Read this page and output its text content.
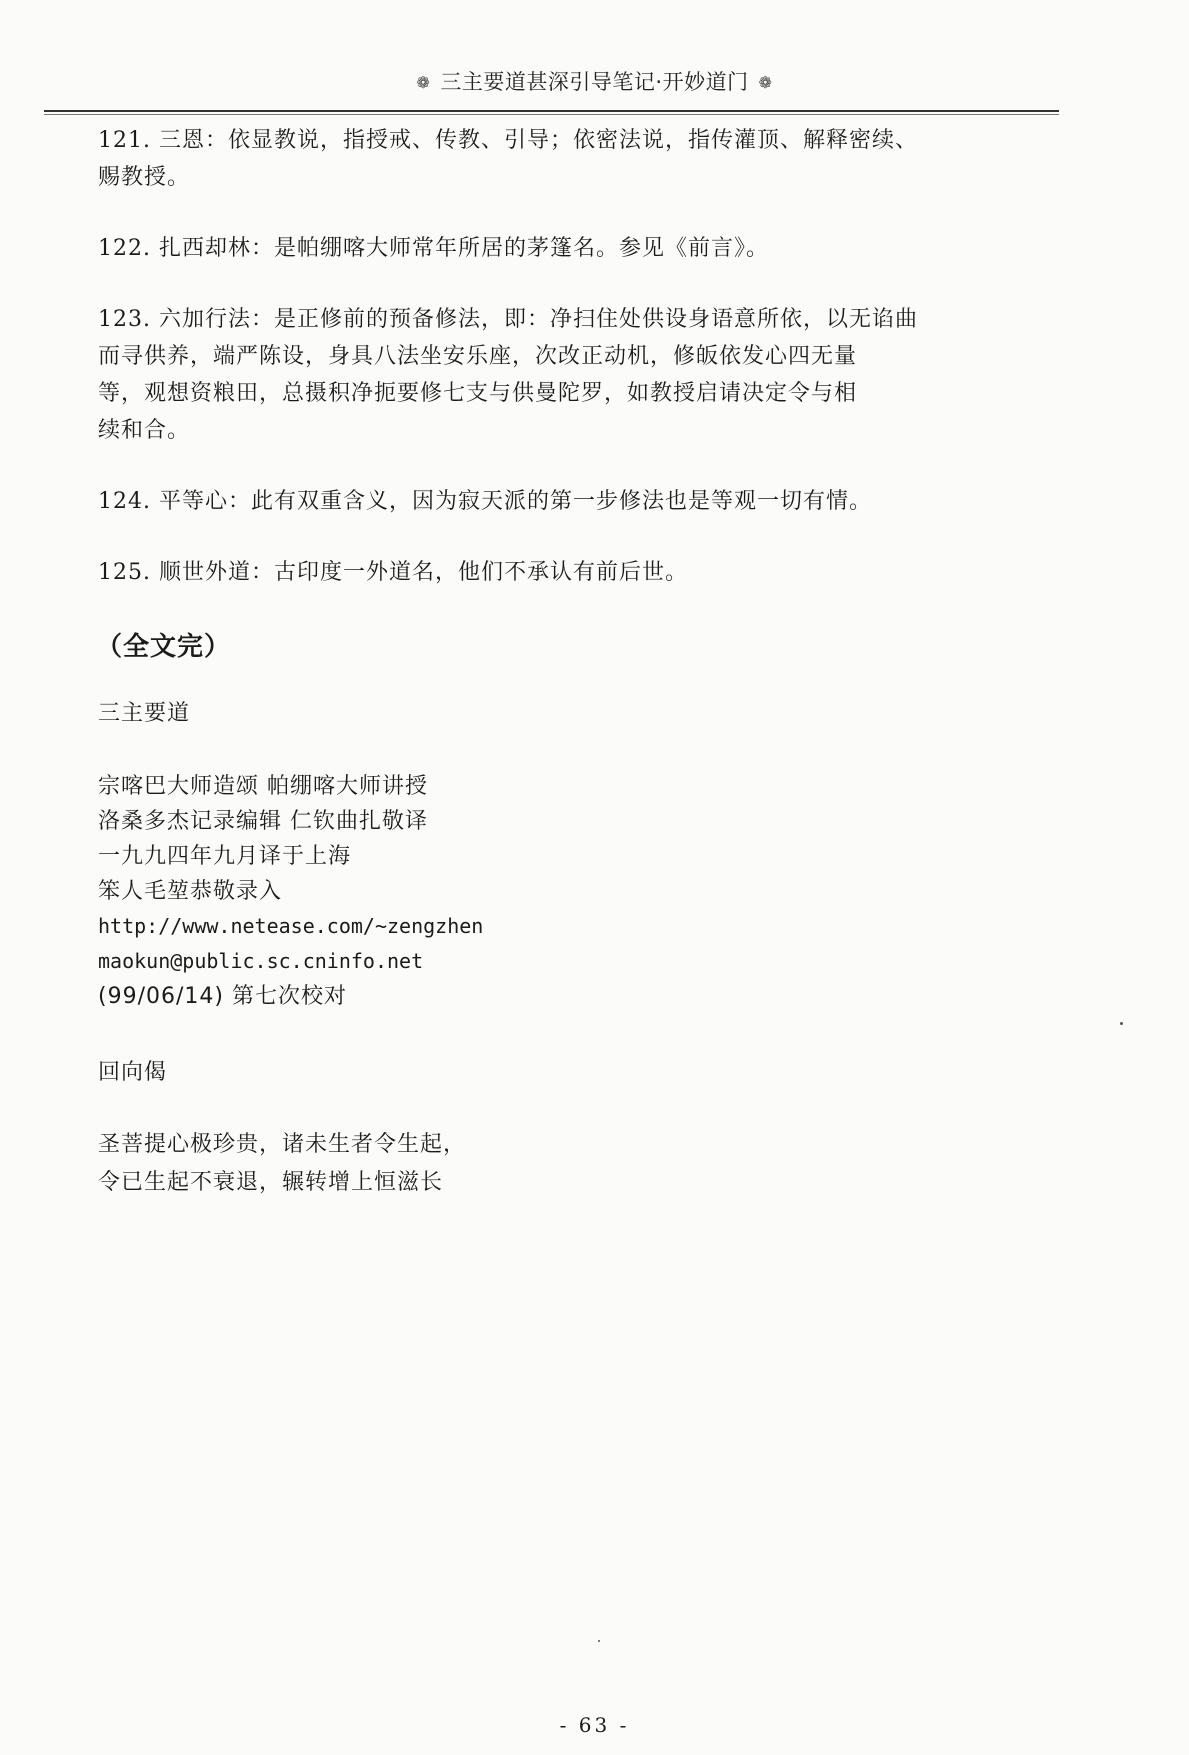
❁ 三主要道甚深引导笔记·开妙道门 ❁

121. 三恩：依显教说，指授戒、传教、引导；依密法说，指传灌顶、解释密续、
赐教授。

122. 扎西却林：是帕绷喀大师常年所居的茅篷名。参见《前言》。

123. 六加行法：是正修前的预备修法，即：净扫住处供设身语意所依，以无谄曲
而寻供养，端严陈设，身具八法坐安乐座，次改正动机，修皈依发心四无量
等，观想资粮田，总摄积净扼要修七支与供曼陀罗，如教授启请决定令与相
续和合。

124. 平等心：此有双重含义，因为寂天派的第一步修法也是等观一切有情。

125. 顺世外道：古印度一外道名，他们不承认有前后世。

（全文完）
三主要道
宗喀巴大师造颂 帕绷喀大师讲授
洛桑多杰记录编辑 仁钦曲扎敬译
一九九四年九月译于上海
笨人毛堃恭敬录入
http://www.netease.com/~zengzhen
maokun@public.sc.cninfo.net
(99/06/14) 第七次校对
回向偈
圣菩提心极珍贵，诸未生者令生起，
令已生起不衰退，辗转增上恒滋长
- 63 -
